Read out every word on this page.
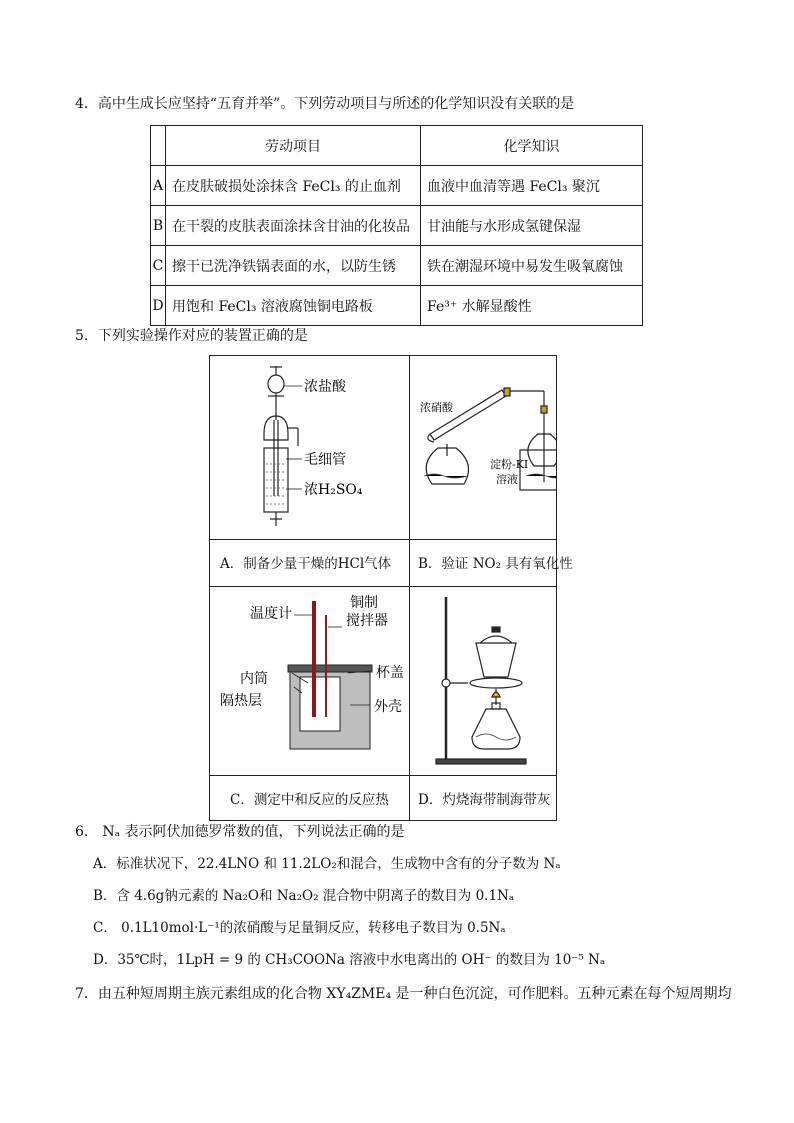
4．高中生成长应坚持“五育并举”。下列劳动项目与所述的化学知识没有关联的是
	劳动项目	化学知识
A	在皮肤破损处涂抹含 FeCl₃ 的止血剂	血液中血清等遇 FeCl₃ 聚沉
B	在干裂的皮肤表面涂抹含甘油的化妆品	甘油能与水形成氢键保湿
C	擦干已洗净铁锅表面的水，以防生锈	铁在潮湿环境中易发生吸氧腐蚀
D	用饱和 FeCl₃ 溶液腐蚀铜电路板	Fe³⁺ 水解显酸性
5．下列实验操作对应的装置正确的是
浓盐酸
毛细管
浓H₂SO₄
浓硝酸
淀粉-KI
溶液
温度计
铜制
搅拌器
内筒	杯盖
隔热层	外壳
A．制备少量干燥的HCl气体 B．验证 NO₂ 具有氧化性
C．测定中和反应的反应热 D．灼烧海带制海带灰
6． Nₐ 表示阿伏加德罗常数的值，下列说法正确的是
A．标准状况下，22.4LNO 和 11.2LO₂和混合，生成物中含有的分子数为 Nₐ
B．含 4.6g钠元素的 Na₂O和 Na₂O₂ 混合物中阴离子的数目为 0.1Nₐ
C． 0.1L10mol·L⁻¹的浓硝酸与足量铜反应，转移电子数目为 0.5Nₐ
D．35℃时，1LpH = 9 的 CH₃COONa 溶液中水电离出的 OH⁻ 的数目为 10⁻⁵ Nₐ
7．由五种短周期主族元素组成的化合物 XY₄ZME₄ 是一种白色沉淀，可作肥料。五种元素在每个短周期均
